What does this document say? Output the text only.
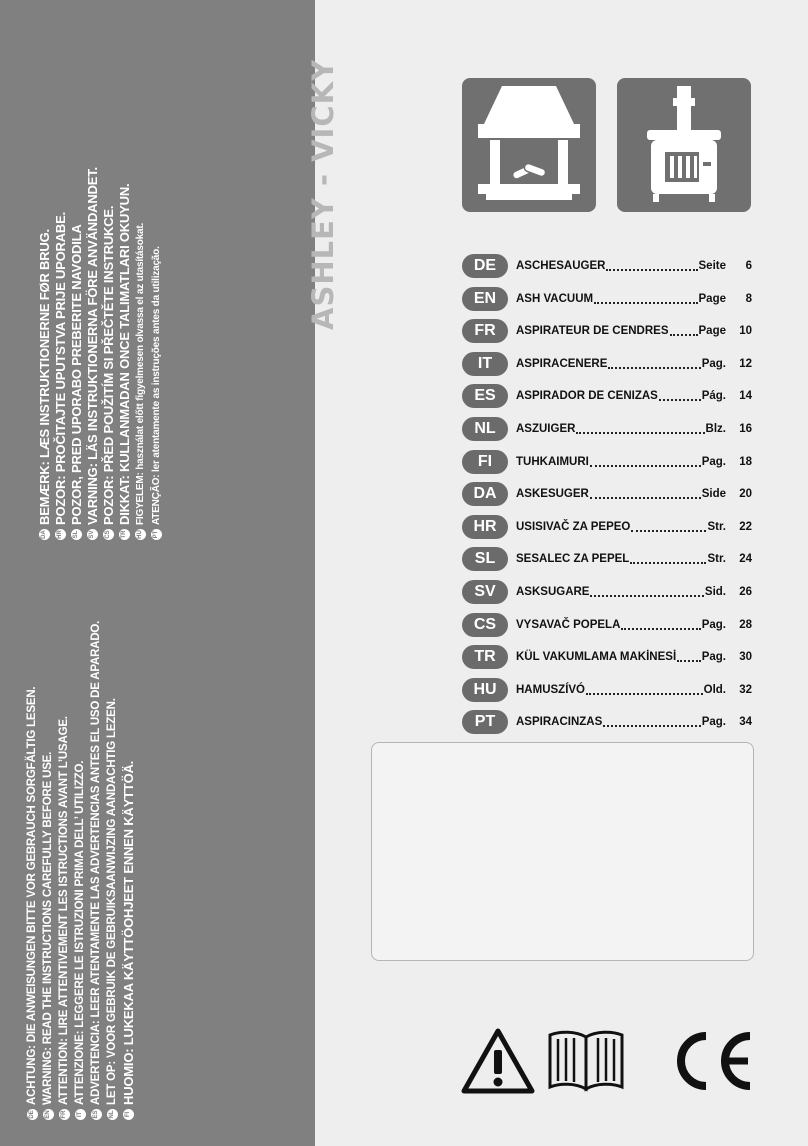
DE
ACHTUNG: DIE ANWEISUNGEN BITTE VOR GEBRAUCH SORGFÄLTIG LESEN.
EN
WARNING: READ THE INSTRUCTIONS CAREFULLY BEFORE USE.
FR
ATTENTION: LIRE ATTENTIVEMENT LES ISTRUCTIONS AVANT L’USAGE.
IT
ATTENZIONE: LEGGERE LE ISTRUZIONI PRIMA DELL’ UTILIZZO.
ES
ADVERTENCIA: LEER ATENTAMENTE LAS ADVERTENCIAS ANTES EL USO DE APARADO.
NL
LET OP: VOOR GEBRUIK DE GEBRUIKSAANWIJZING AANDACHTIG LEZEN.
FI
HUOMIO: LUKEKAA KÄYTTÖOHJEET ENNEN KÄYTTÖÄ.
DA
BEMÆRK: LÆS INSTRUKTIONERNE FØR BRUG.
HR
POZOR: PROČITAJTE UPUTSTVA PRIJE UPORABE.
SL
POZOR, PRED UPORABO PREBERITE NAVODILA
SV
VARNING: LÄS INSTRUKTIONERNA FÖRE ANVÄNDANDET.
CS
POZOR: PŘED POUŽITÍM SI PŘEČTĚTE INSTRUKCE.
TR
DIKKAT: KULLANMADAN ONCE TALIMATLARI OKUYUN.
HU
FIGYELEM: használat előtt figyelmesen olvassa el az utasításokat.
PT
ATENÇÃO: ler atentamente as instruções antes da utilização.
ASHLEY - VICKY	DE	ASCHESAUGER	Seite	6
EN	ASH VACUUM	Page	8
FR	ASPIRATEUR DE CENDRES	Page	10
IT	ASPIRACENERE	Pag.	12
ES	ASPIRADOR DE CENIZAS	Pág.	14
NL	ASZUIGER	Blz.	16
FI	TUHKAIMURI	Pag.	18
DA	ASKESUGER	Side	20
HR	USISIVAČ ZA PEPEO	Str.	22
SL	SESALEC ZA PEPEL	Str.	24
SV	ASKSUGARE	Sid.	26
CS	VYSAVAČ POPELA	Pag.	28
TR	KÜL VAKUMLAMA MAKİNESİ Pag.	30
HU	HAMUSZÍVÓ	Old.	32
PT	ASPIRACINZAS	Pag.	34
